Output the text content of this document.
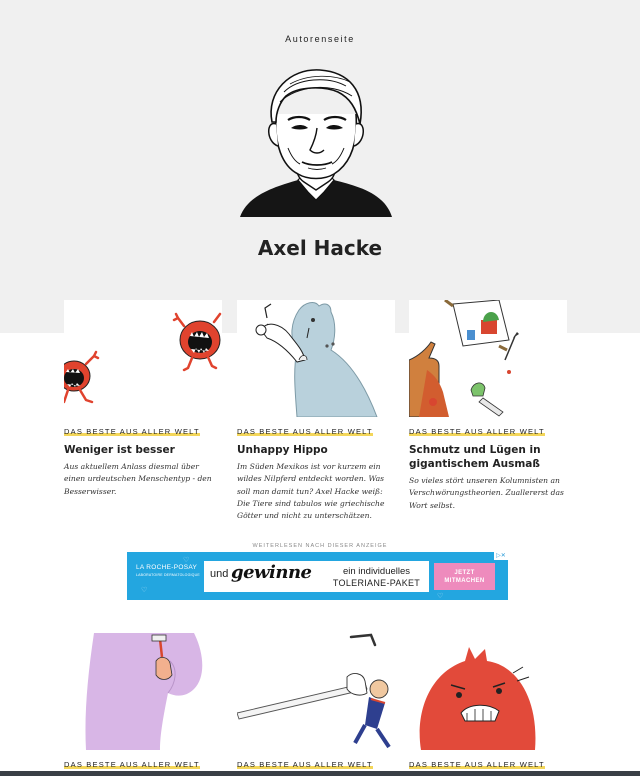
Autorenseite
Axel Hacke
DAS BESTE AUS ALLER WELT
Weniger ist besser
Aus aktuellem Anlass diesmal über einen urdeutschen Menschentyp - den Besserwisser.
DAS BESTE AUS ALLER WELT
Unhappy Hippo
Im Süden Mexikos ist vor kurzem ein wildes Nilpferd entdeckt worden. Was soll man damit tun? Axel Hacke weiß: Die Tiere sind tabulos wie griechische Götter und nicht zu unterschätzen.
DAS BESTE AUS ALLER WELT
Schmutz und Lügen in gigantischem Ausmaß
So vieles stört unseren Kolumnisten an Verschwörungstheorien. Zuallererst das Wort selbst.
WEITERLESEN NACH DIESER ANZEIGE
♡
♡
♡
LA ROCHE-POSAY
LABORATOIRE DERMATOLOGIQUE und gewinne	ein individuelles
TOLERIANE-PAKET
JETZT
MITMACHEN
▷✕
DAS BESTE AUS ALLER WELT	DAS BESTE AUS ALLER WELT	DAS BESTE AUS ALLER WELT
